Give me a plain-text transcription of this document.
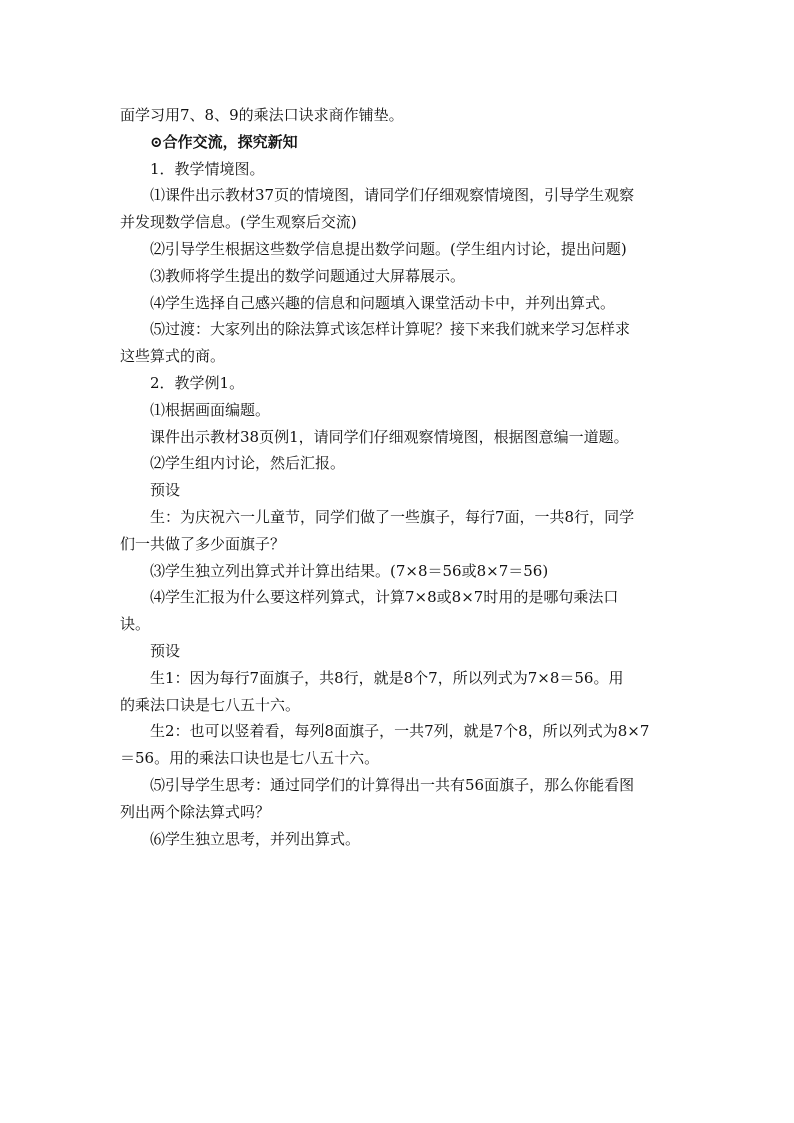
面学习用7、8、9的乘法口诀求商作铺垫。

⊙合作交流，探究新知

1．教学情境图。

⑴课件出示教材37页的情境图，请同学们仔细观察情境图，引导学生观察

并发现数学信息。(学生观察后交流)

⑵引导学生根据这些数学信息提出数学问题。(学生组内讨论，提出问题)

⑶教师将学生提出的数学问题通过大屏幕展示。

⑷学生选择自己感兴趣的信息和问题填入课堂活动卡中，并列出算式。

⑸过渡：大家列出的除法算式该怎样计算呢？接下来我们就来学习怎样求

这些算式的商。

2．教学例1。

⑴根据画面编题。

课件出示教材38页例1，请同学们仔细观察情境图，根据图意编一道题。

⑵学生组内讨论，然后汇报。

预设

生：为庆祝六一儿童节，同学们做了一些旗子，每行7面，一共8行，同学

们一共做了多少面旗子？

⑶学生独立列出算式并计算出结果。(7×8＝56或8×7＝56)

⑷学生汇报为什么要这样列算式，计算7×8或8×7时用的是哪句乘法口

诀。

预设

生1：因为每行7面旗子，共8行，就是8个7，所以列式为7×8＝56。用

的乘法口诀是七八五十六。

生2：也可以竖着看，每列8面旗子，一共7列，就是7个8，所以列式为8×7

＝56。用的乘法口诀也是七八五十六。

⑸引导学生思考：通过同学们的计算得出一共有56面旗子，那么你能看图

列出两个除法算式吗？

⑹学生独立思考，并列出算式。
